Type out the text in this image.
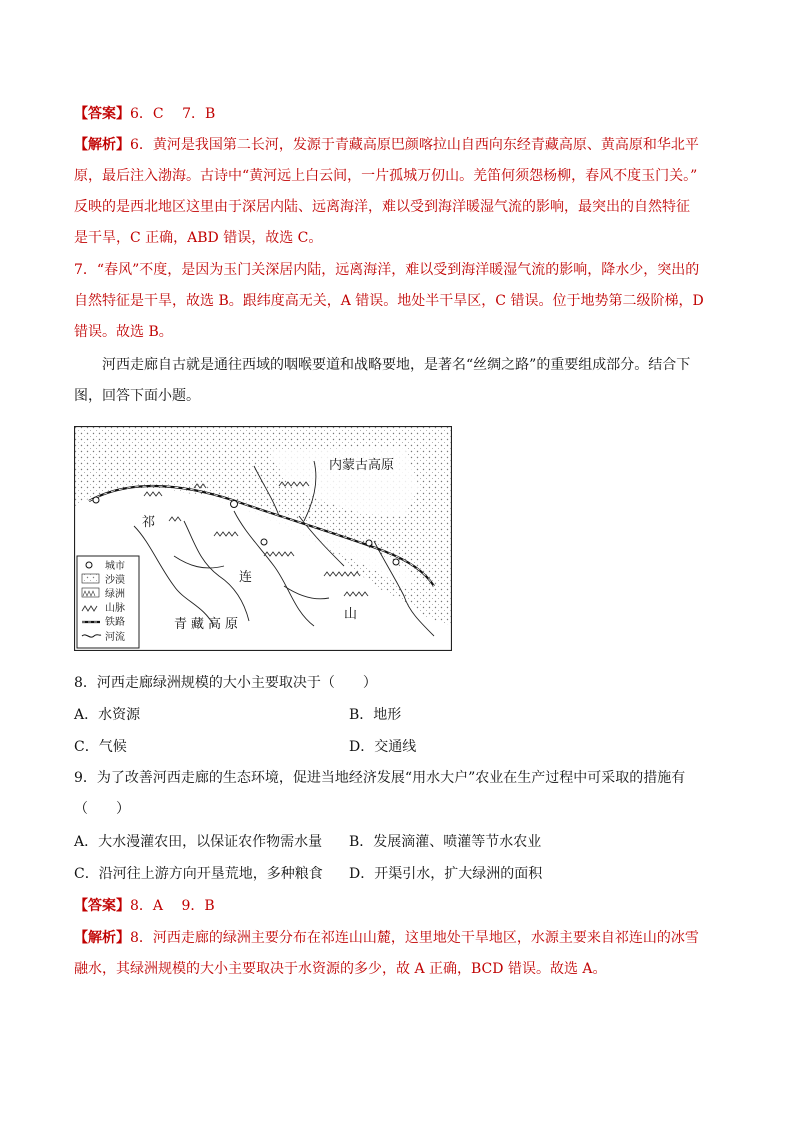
【答案】6．C　 7．B
【解析】6．黄河是我国第二长河，发源于青藏高原巴颜喀拉山自西向东经青藏高原、黄高原和华北平
原，最后注入渤海。古诗中“黄河远上白云间，一片孤城万仞山。羌笛何须怨杨柳，春风不度玉门关。”
反映的是西北地区这里由于深居内陆、远离海洋，难以受到海洋暖湿气流的影响，最突出的自然特征
是干旱，C 正确，ABD 错误，故选 C。
7．“春风”不度，是因为玉门关深居内陆，远离海洋，难以受到海洋暖湿气流的影响，降水少，突出的
自然特征是干旱，故选 B。跟纬度高无关，A 错误。地处半干旱区，C 错误。位于地势第二级阶梯，D
错误。故选 B。
河西走廊自古就是通往西域的咽喉要道和战略要地，是著名“丝绸之路”的重要组成部分。结合下
图，回答下面小题。
内蒙古高原
青藏高原
祁
连
山
城市
沙漠
绿洲
山脉
铁路
河流
8．河西走廊绿洲规模的大小主要取决于（　　）
A．水资源	B．地形
C．气候	D．交通线
9．为了改善河西走廊的生态环境，促进当地经济发展“用水大户”农业在生产过程中可采取的措施有
（　　）
A．大水漫灌农田，以保证农作物需水量 B．发展滴灌、喷灌等节水农业
C．沿河往上游方向开垦荒地，多种粮食 D．开渠引水，扩大绿洲的面积
【答案】8．A　 9．B
【解析】8．河西走廊的绿洲主要分布在祁连山山麓，这里地处干旱地区，水源主要来自祁连山的冰雪
融水，其绿洲规模的大小主要取决于水资源的多少，故 A 正确，BCD 错误。故选 A。
